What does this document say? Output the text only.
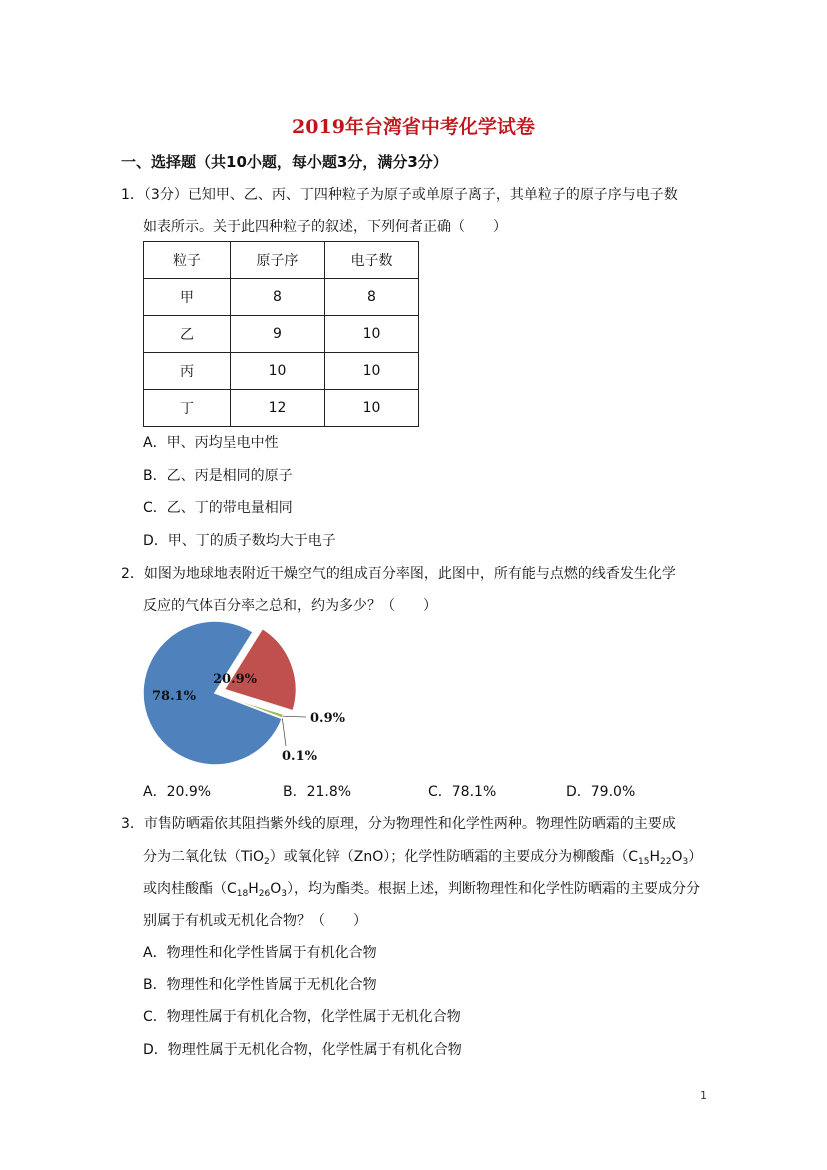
2019年台湾省中考化学试卷
一、选择题（共10小题，每小题3分，满分3分）
1．（3分）已知甲、乙、丙、丁四种粒子为原子或单原子离子，其单粒子的原子序与电子数
如表所示。关于此四种粒子的叙述，下列何者正确（　　）
粒子	原子序	电子数
甲	8	8
乙	9	10
丙	10	10
丁	12	10
A．甲、丙均呈电中性
B．乙、丙是相同的原子
C．乙、丁的带电量相同
D．甲、丁的质子数均大于电子
2．如图为地球地表附近干燥空气的组成百分率图，此图中，所有能与点燃的线香发生化学
反应的气体百分率之总和，约为多少？（　　）
78.1%
20.9%
0.9%
0.1%
A．20.9%	B．21.8%	C．78.1%	D．79.0%
3．市售防晒霜依其阻挡紫外线的原理，分为物理性和化学性两种。物理性防晒霜的主要成
分为二氧化钛（TiO$_2$）或氧化锌（ZnO）；化学性防晒霜的主要成分为柳酸酯$(C_{15}H_{22}O_3)$
或肉桂酸酯$(C_{18}H_{26}O_3)$，均为酯类。根据上述，判断物理性和化学性防晒霜的主要成分分
别属于有机或无机化合物？（　　）
A．物理性和化学性皆属于有机化合物
B．物理性和化学性皆属于无机化合物
C．物理性属于有机化合物，化学性属于无机化合物
D．物理性属于无机化合物，化学性属于有机化合物
1
